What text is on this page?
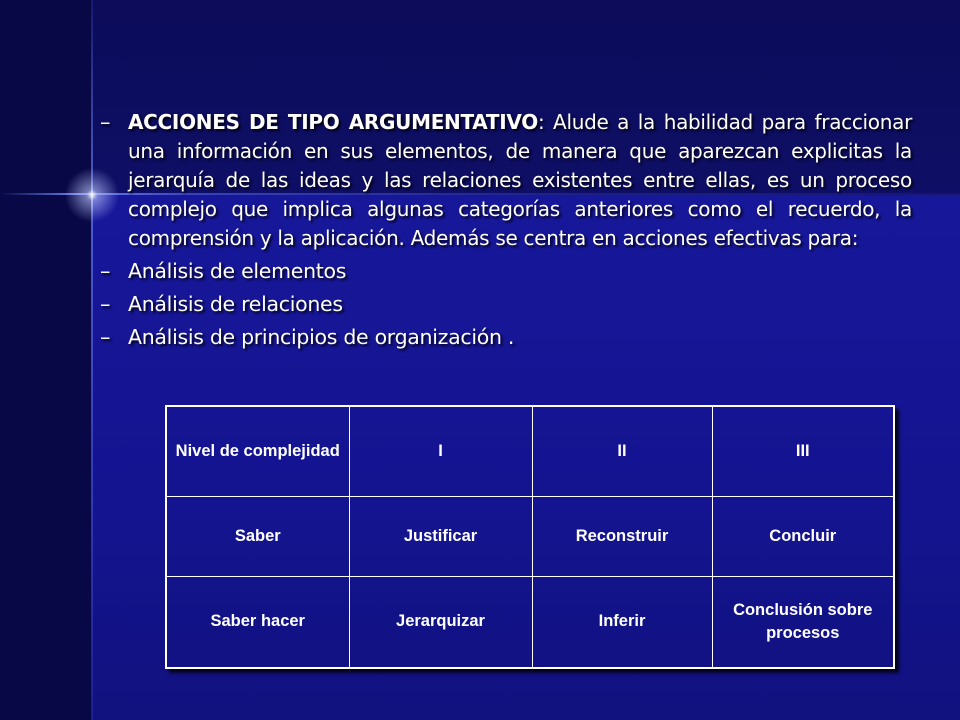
– ACCIONES DE TIPO ARGUMENTATIVO: Alude a la habilidad para fraccionar una información en sus elementos, de manera que aparezcan explicitas la jerarquía de las ideas y las relaciones existentes entre ellas, es un proceso complejo que implica algunas categorías anteriores como el recuerdo, la comprensión y la aplicación. Además se centra en acciones efectivas para:
– Análisis de elementos
– Análisis de relaciones
– Análisis de principios de organización .
Nivel de complejidad	I	II	III
Saber	Justificar	Reconstruir	Concluir
Saber hacer	Jerarquizar	Inferir	Conclusión sobre procesos
